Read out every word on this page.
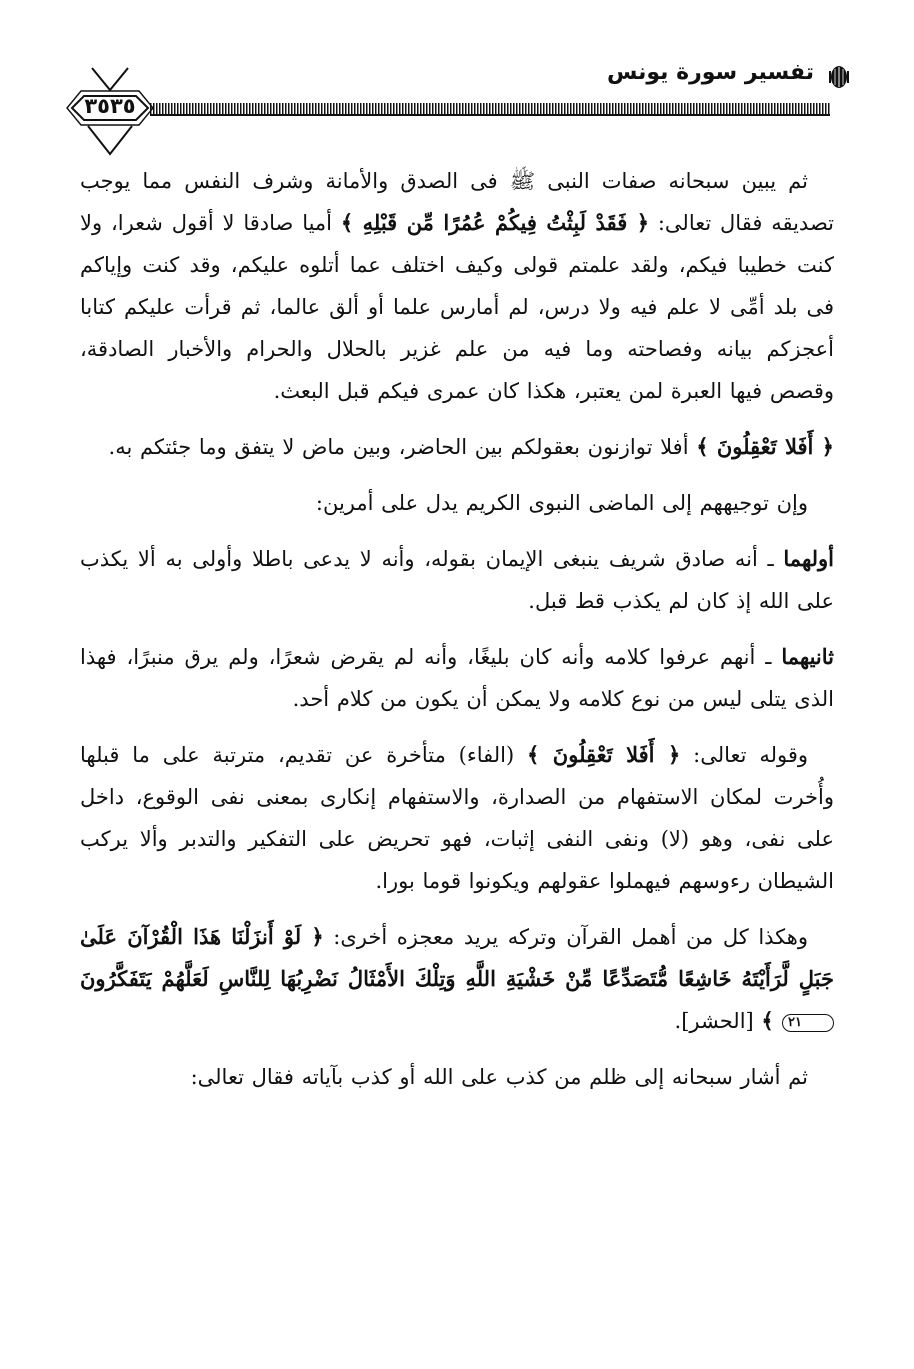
تفسير سورة يونس
٣٥٣٥

ثم يبين سبحانه صفات النبى ﷺ فى الصدق والأمانة وشرف النفس مما يوجب تصديقه فقال تعالى: ﴿ فَقَدْ لَبِثْتُ فِيكُمْ عُمُرًا مِّن قَبْلِهِ ﴾ أميا صادقا لا أقول شعرا، ولا كنت خطيبا فيكم، ولقد علمتم قولى وكيف اختلف عما أتلوه عليكم، وقد كنت وإياكم فى بلد أمِّى لا علم فيه ولا درس، لم أمارس علما أو ألق عالما، ثم قرأت عليكم كتابا أعجزكم بيانه وفصاحته وما فيه من علم غزير بالحلال والحرام والأخبار الصادقة، وقصص فيها العبرة لمن يعتبر، هكذا كان عمرى فيكم قبل البعث.

﴿ أَفَلا تَعْقِلُونَ ﴾ أفلا توازنون بعقولكم بين الحاضر، وبين ماض لا يتفق وما جئتكم به.

وإن توجيههم إلى الماضى النبوى الكريم يدل على أمرين:

أولهما ـ أنه صادق شريف ينبغى الإيمان بقوله، وأنه لا يدعى باطلا وأولى به ألا يكذب على الله إذ كان لم يكذب قط قبل.

ثانيهما ـ أنهم عرفوا كلامه وأنه كان بليغًا، وأنه لم يقرض شعرًا، ولم يرق منبرًا، فهذا الذى يتلى ليس من نوع كلامه ولا يمكن أن يكون من كلام أحد.

وقوله تعالى: ﴿ أَفَلا تَعْقِلُونَ ﴾ (الفاء) متأخرة عن تقديم، مترتبة على ما قبلها وأُخرت لمكان الاستفهام من الصدارة، والاستفهام إنكارى بمعنى نفى الوقوع، داخل على نفى، وهو (لا) ونفى النفى إثبات، فهو تحريض على التفكير والتدبر وألا يركب الشيطان رءوسهم فيهملوا عقولهم ويكونوا قوما بورا.

وهكذا كل من أهمل القرآن وتركه يريد معجزه أخرى: ﴿ لَوْ أَنزَلْنَا هَذَا الْقُرْآنَ عَلَىٰ جَبَلٍ لَّرَأَيْتَهُ خَاشِعًا مُّتَصَدِّعًا مِّنْ خَشْيَةِ اللَّهِ وَتِلْكَ الأَمْثَالُ نَضْرِبُهَا لِلنَّاسِ لَعَلَّهُمْ يَتَفَكَّرُونَ ٢١ ﴾ [الحشر].

ثم أشار سبحانه إلى ظلم من كذب على الله أو كذب بآياته فقال تعالى:
